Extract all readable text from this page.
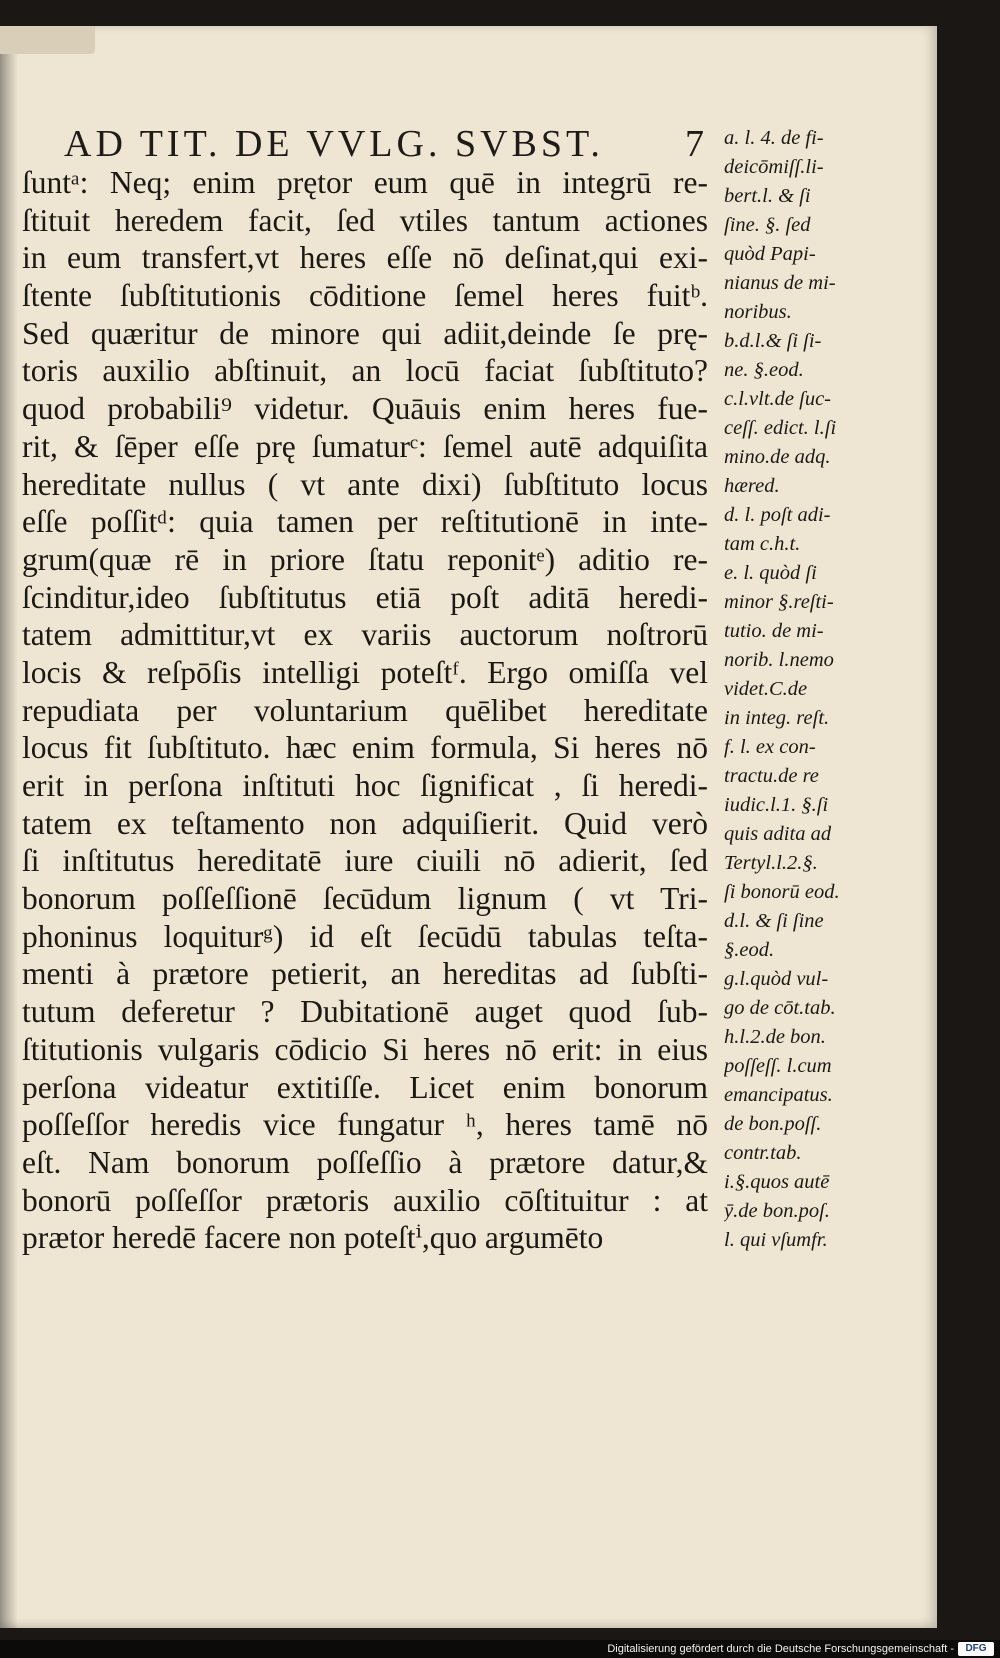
AD TIT. DE VVLG. SVBST. 7
ſuntᵃ: Neq; enim prętor eum quē in integrū re-
ſtituit heredem facit, ſed vtiles tantum actiones
in eum transfert,vt heres eſſe nō deſinat,qui exi-
ſtente ſubſtitutionis cōditione ſemel heres fuitᵇ.
Sed quæritur de minore qui adiit,deinde ſe prę-
toris auxilio abſtinuit, an locū faciat ſubſtituto?
quod probabili⁹ videtur. Quāuis enim heres fue-
rit, & ſēper eſſe prę ſumaturᶜ: ſemel autē adquiſita
hereditate nullus ( vt ante dixi) ſubſtituto locus
eſſe poſſitᵈ: quia tamen per reſtitutionē in inte-
grum(quæ rē in priore ſtatu reponitᵉ) aditio re-
ſcinditur,ideo ſubſtitutus etiā poſt aditā heredi-
tatem admittitur,vt ex variis auctorum noſtrorū
locis & reſpōſis intelligi poteſtᶠ. Ergo omiſſa vel
repudiata per voluntarium quēlibet hereditate
locus fit ſubſtituto. hæc enim formula, Si heres nō
erit in perſona inſtituti hoc ſignificat , ſi heredi-
tatem ex teſtamento non adquiſierit. Quid verò
ſi inſtitutus hereditatē iure ciuili nō adierit, ſed
bonorum poſſeſſionē ſecūdum lignum ( vt Tri-
phoninus loquiturᵍ) id eſt ſecūdū tabulas teſta-
menti à prætore petierit, an hereditas ad ſubſti-
tutum deferetur ? Dubitationē auget quod ſub-
ſtitutionis vulgaris cōdicio Si heres nō erit: in eius
perſona videatur extitiſſe. Licet enim bonorum
poſſeſſor heredis vice fungatur ʰ, heres tamē nō
eſt. Nam bonorum poſſeſſio à prætore datur,&
bonorū poſſeſſor prætoris auxilio cōſtituitur : at
prætor heredē facere non poteſtⁱ,quo argumēto
a. l. 4. de fi-
deicōmiſſ.li-
bert.l. & ſi
ſine. §. ſed
quòd Papi-
nianus de mi-
noribus.
b.d.l.& ſi ſi-
ne. §.eod.
c.l.vlt.de ſuc-
ceſſ. edict. l.ſi
mino.de adq.
hæred.
d. l. poſt adi-
tam c.h.t.
e. l. quòd ſi
minor §.reſti-
tutio. de mi-
norib. l.nemo
videt.C.de
in integ. reſt.
f. l. ex con-
tractu.de re
iudic.l.1. §.ſi
quis adita ad
Tertyl.l.2.§.
ſi bonorū eod.
d.l. & ſi ſine
§.eod.
g.l.quòd vul-
go de cōt.tab.
h.l.2.de bon.
poſſeſſ. l.cum
emancipatus.
de bon.poſſ.
contr.tab.
i.§.quos autē
ӯ.de bon.poſ.
l. qui vſumfr.
Digitalisierung gefördert durch die Deutsche Forschungsgemeinschaft -	DFG
